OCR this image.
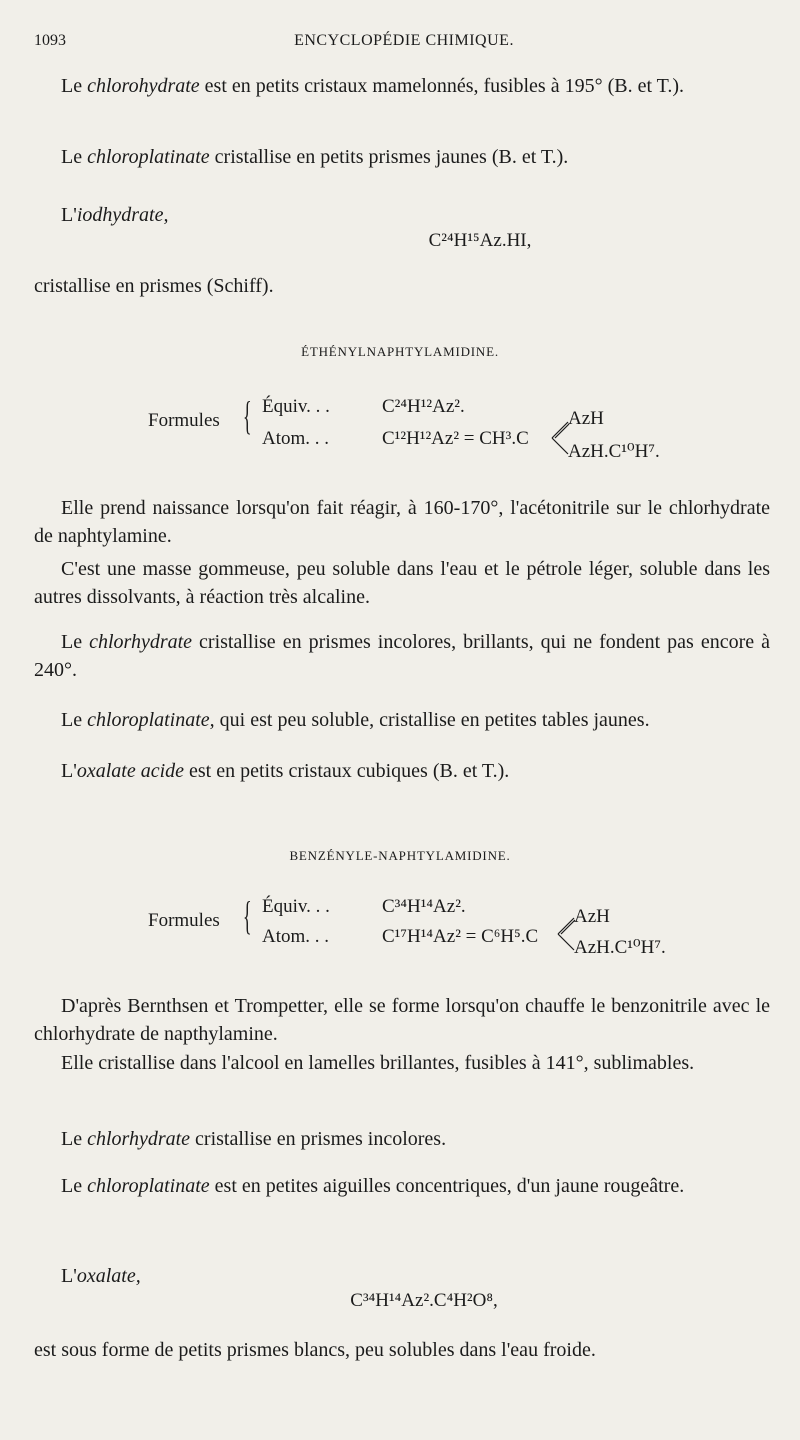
1093	ENCYCLOPÉDIE CHIMIQUE.

Le chlorohydrate est en petits cristaux mamelonnés, fusibles à 195° (B. et T.).

Le chloroplatinate cristallise en petits prismes jaunes (B. et T.).

L'iodhydrate,

C²⁴H¹⁵Az.HI,

cristallise en prismes (Schiff).

ÉTHÉNYLNAPHTYLAMIDINE.
Formules { Équiv. . .	C²⁴H¹²Az².
Atom. . .	C¹²H¹²Az² = CH³.C
AzH
AzH.C¹⁰H⁷.

Elle prend naissance lorsqu'on fait réagir, à 160-170°, l'acétonitrile sur le chlorhydrate de naphtylamine.

C'est une masse gommeuse, peu soluble dans l'eau et le pétrole léger, soluble dans les autres dissolvants, à réaction très alcaline.

Le chlorhydrate cristallise en prismes incolores, brillants, qui ne fondent pas encore à 240°.

Le chloroplatinate, qui est peu soluble, cristallise en petites tables jaunes.

L'oxalate acide est en petits cristaux cubiques (B. et T.).

BENZÉNYLE-NAPHTYLAMIDINE.
Formules { Équiv. . .	C³⁴H¹⁴Az².
Atom. . .	C¹⁷H¹⁴Az² = C⁶H⁵.C
AzH
AzH.C¹⁰H⁷.

D'après Bernthsen et Trompetter, elle se forme lorsqu'on chauffe le benzonitrile avec le chlorhydrate de napthylamine.

Elle cristallise dans l'alcool en lamelles brillantes, fusibles à 141°, sublimables.

Le chlorhydrate cristallise en prismes incolores.

Le chloroplatinate est en petites aiguilles concentriques, d'un jaune rougeâtre.

L'oxalate,

C³⁴H¹⁴Az².C⁴H²O⁸,

est sous forme de petits prismes blancs, peu solubles dans l'eau froide.
